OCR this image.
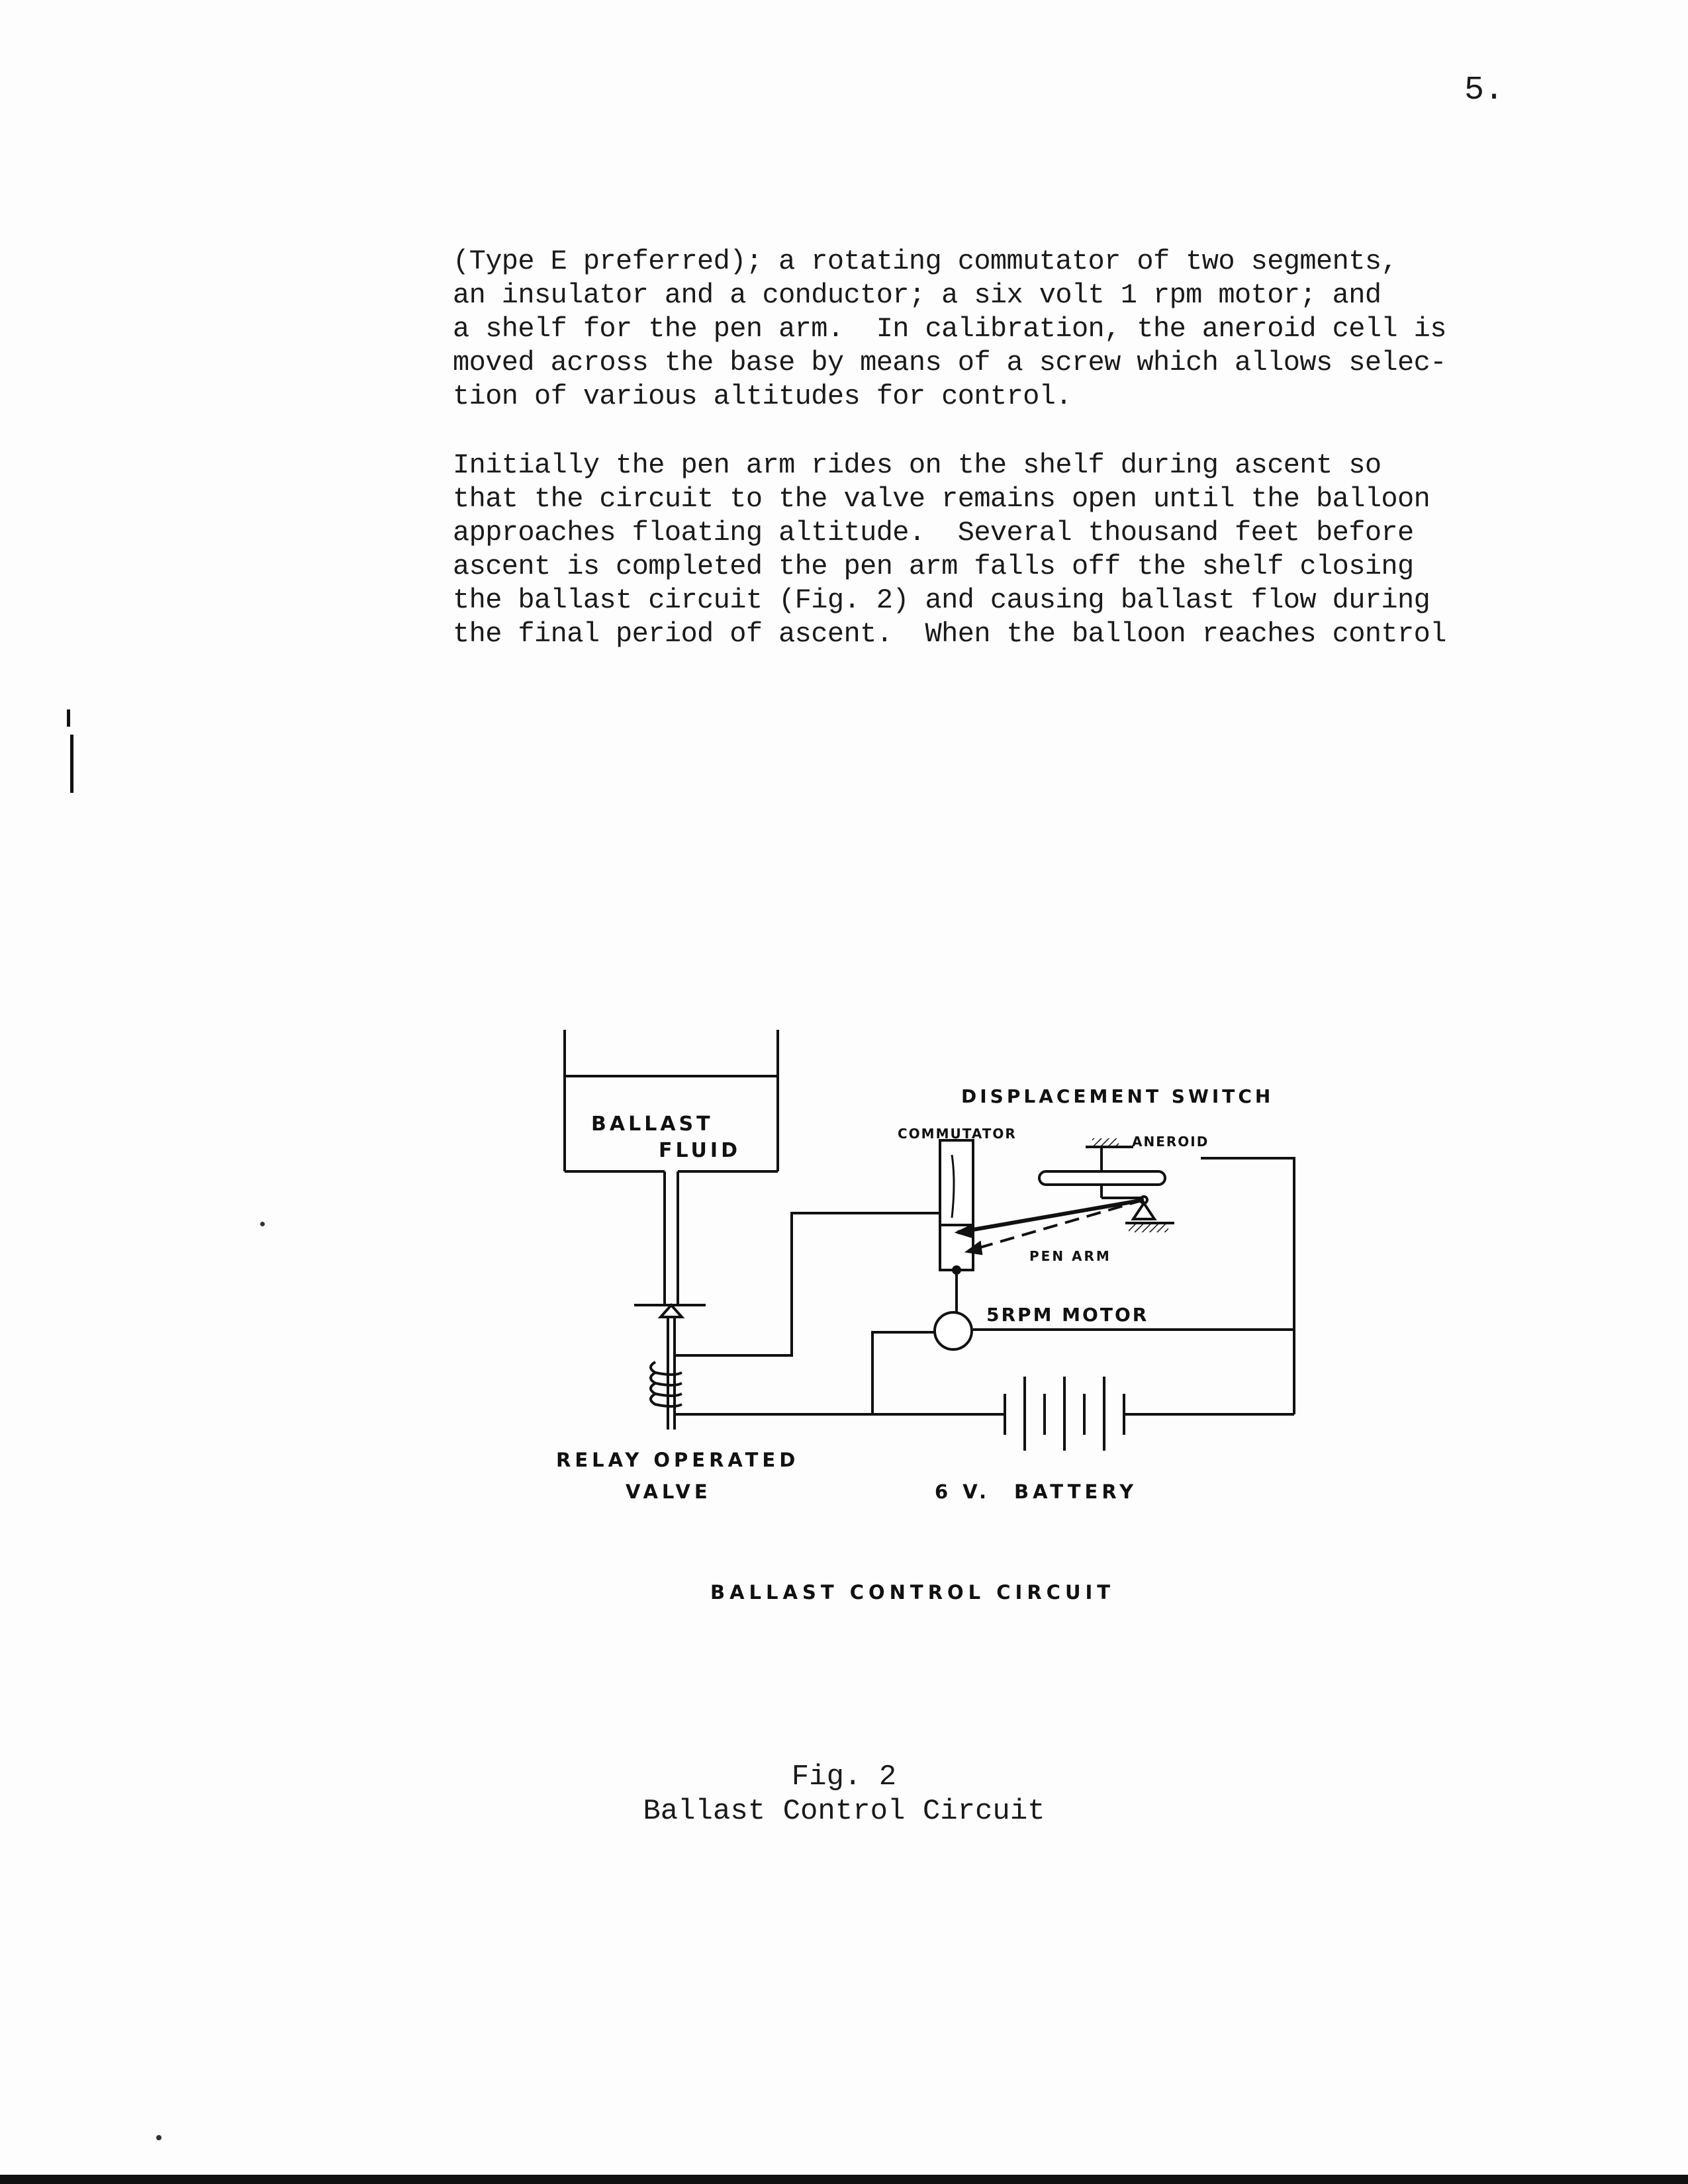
5.
(Type E preferred); a rotating commutator of two segments,
an insulator and a conductor; a six volt 1 rpm motor; and
a shelf for the pen arm.  In calibration, the aneroid cell is
moved across the base by means of a screw which allows selec-
tion of various altitudes for control.
Initially the pen arm rides on the shelf during ascent so
that the circuit to the valve remains open until the balloon
approaches floating altitude.  Several thousand feet before
ascent is completed the pen arm falls off the shelf closing
the ballast circuit (Fig. 2) and causing ballast flow during
the final period of ascent.  When the balloon reaches control
BALLAST
FLUID
DISPLACEMENT SWITCH
COMMUTATOR	ANEROID
PEN ARM
5RPM MOTOR
RELAY OPERATED
VALVE	6 V. BATTERY
BALLAST CONTROL CIRCUIT

Fig. 2

Ballast Control Circuit
